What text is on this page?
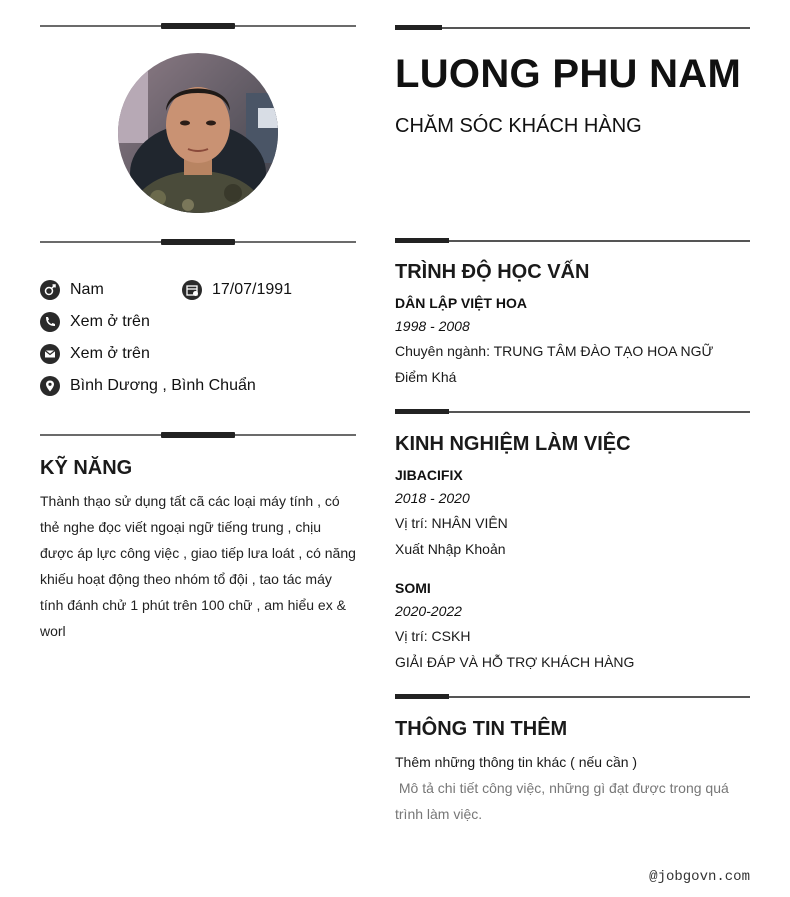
Nam	17/07/1991
Xem ở trên
Xem ở trên
Bình Dương , Bình Chuẩn
KỸ NĂNG
Thành thạo sử dụng tất cã các loại máy tính , có thẻ nghe đọc viết ngoại ngữ tiếng trung , chịu được áp lực công việc , giao tiếp lưa loát , có năng khiếu hoạt động theo nhóm tổ đội , tao tác máy tính đánh chử 1 phút trên 100 chữ , am hiểu ex & worl
LUONG PHU NAM
CHĂM SÓC KHÁCH HÀNG
TRÌNH ĐỘ HỌC VẤN
DÂN LẬP VIỆT HOA
1998 - 2008
Chuyên ngành: TRUNG TÂM ĐÀO TẠO HOA NGỮ
Điểm Khá
KINH NGHIỆM LÀM VIỆC
JIBACIFIX
2018 - 2020
Vị trí: NHÂN VIÊN
Xuất Nhập Khoản
SOMI
2020-2022
Vị trí: CSKH
GIẢI ĐÁP VÀ HỖ TRỢ KHÁCH HÀNG
THÔNG TIN THÊM
Thêm những thông tin khác ( nếu cần )
Mô tả chi tiết công việc, những gì đạt được trong quá trình làm việc.
@jobgovn.com
